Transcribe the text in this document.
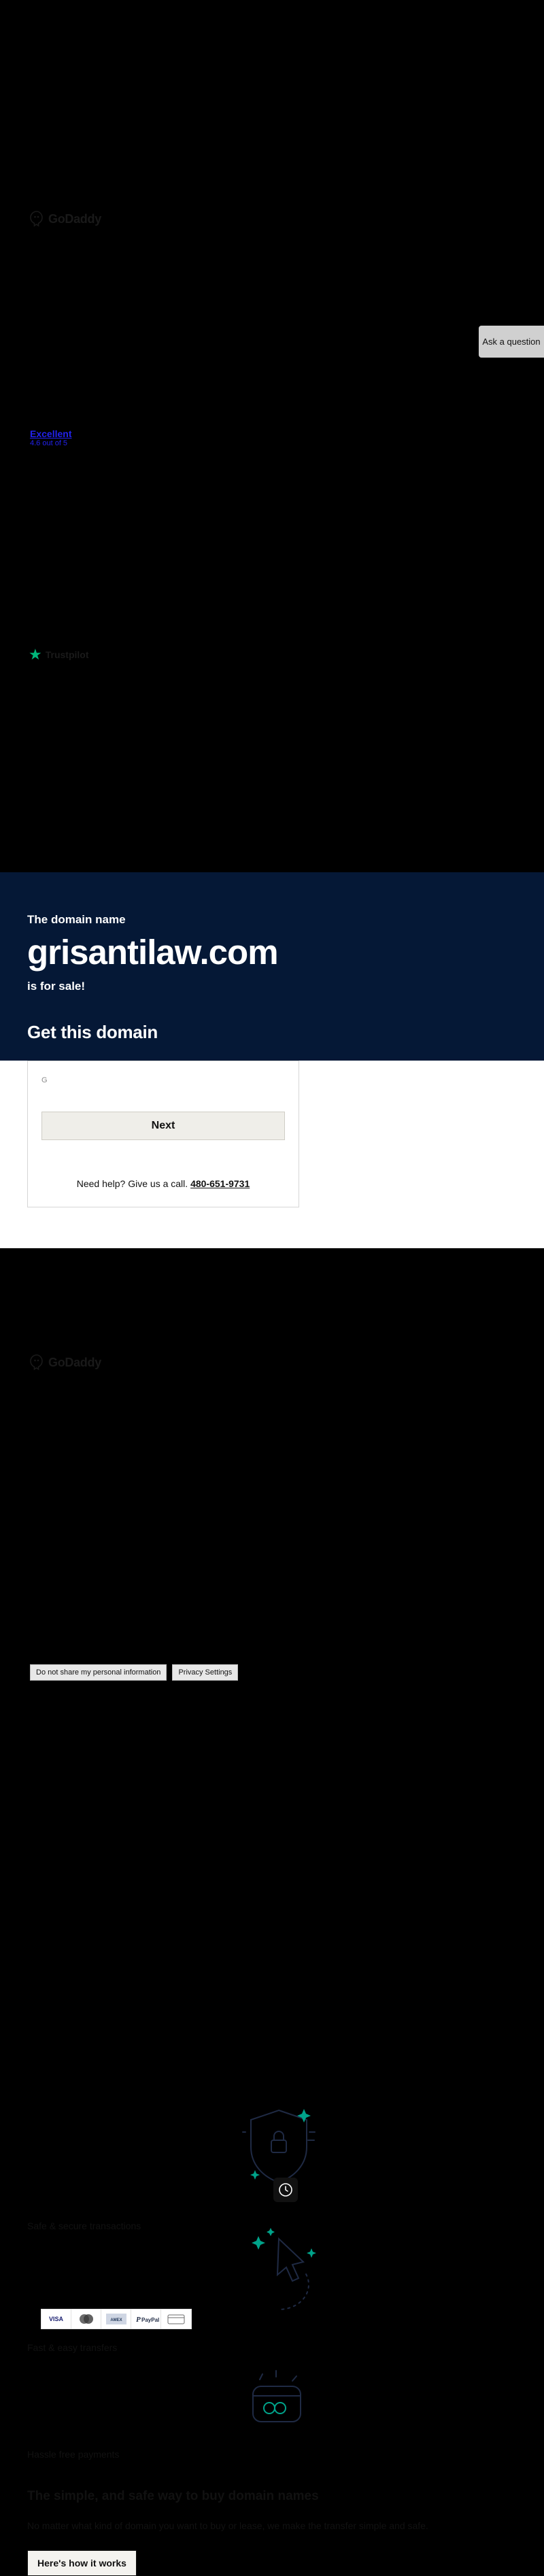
GoDaddy
Ask a question
Excellent
4.6 out of 5
★ Trustpilot
The domain name
grisantilaw.com
is for sale!
Get this domain
G
Next
Need help? Give us a call. 480-651-9731
VISA	AMEX P PayPal
Safe & secure transactions
Fast & easy transfers
Hassle free payments
The simple, and safe way to buy domain names

No matter what kind of domain you want to buy or lease, we make the transfer simple and safe.

Here's how it works
GoDaddy
Do not share my personal information	Privacy Settings
